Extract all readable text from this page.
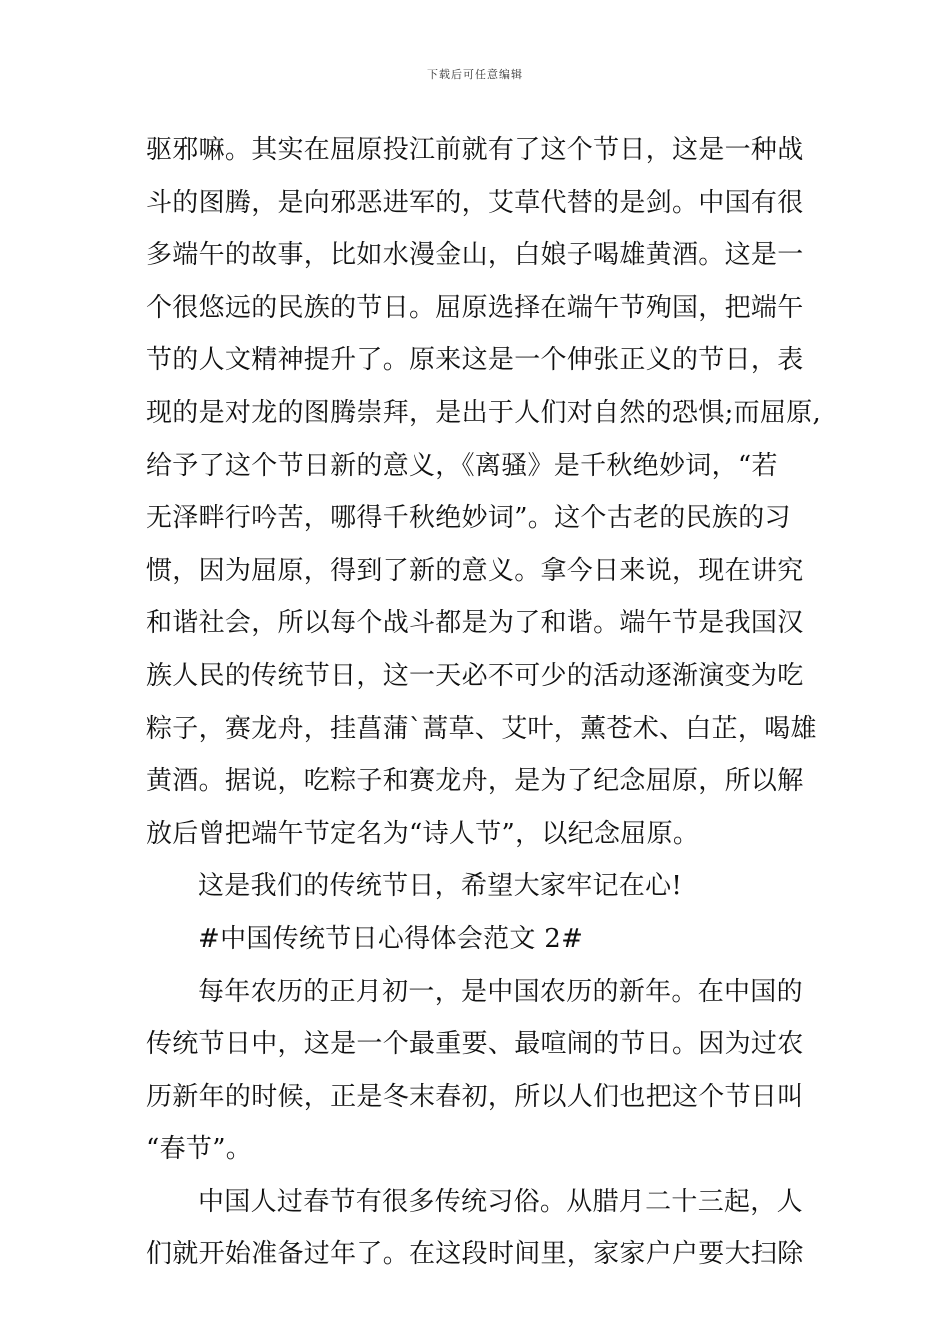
下载后可任意编辑
驱邪嘛。其实在屈原投江前就有了这个节日，这是一种战
斗的图腾，是向邪恶进军的，艾草代替的是剑。中国有很
多端午的故事，比如水漫金山，白娘子喝雄黄酒。这是一
个很悠远的民族的节日。屈原选择在端午节殉国，把端午
节的人文精神提升了。原来这是一个伸张正义的节日，表
现的是对龙的图腾崇拜，是出于人们对自然的恐惧;而屈原,
给予了这个节日新的意义，《离骚》是千秋绝妙词，“若
无泽畔行吟苦，哪得千秋绝妙词”。这个古老的民族的习
惯，因为屈原，得到了新的意义。拿今日来说，现在讲究
和谐社会，所以每个战斗都是为了和谐。端午节是我国汉
族人民的传统节日，这一天必不可少的活动逐渐演变为吃
粽子，赛龙舟，挂菖蒲`蒿草、艾叶，薰苍术、白芷，喝雄
黄酒。据说，吃粽子和赛龙舟，是为了纪念屈原，所以解
放后曾把端午节定名为“诗人节”，以纪念屈原。
这是我们的传统节日，希望大家牢记在心!
#中国传统节日心得体会范文 2#
每年农历的正月初一，是中国农历的新年。在中国的
传统节日中，这是一个最重要、最喧闹的节日。因为过农
历新年的时候，正是冬末春初，所以人们也把这个节日叫
“春节”。
中国人过春节有很多传统习俗。从腊月二十三起，人
们就开始准备过年了。在这段时间里，家家户户要大扫除
